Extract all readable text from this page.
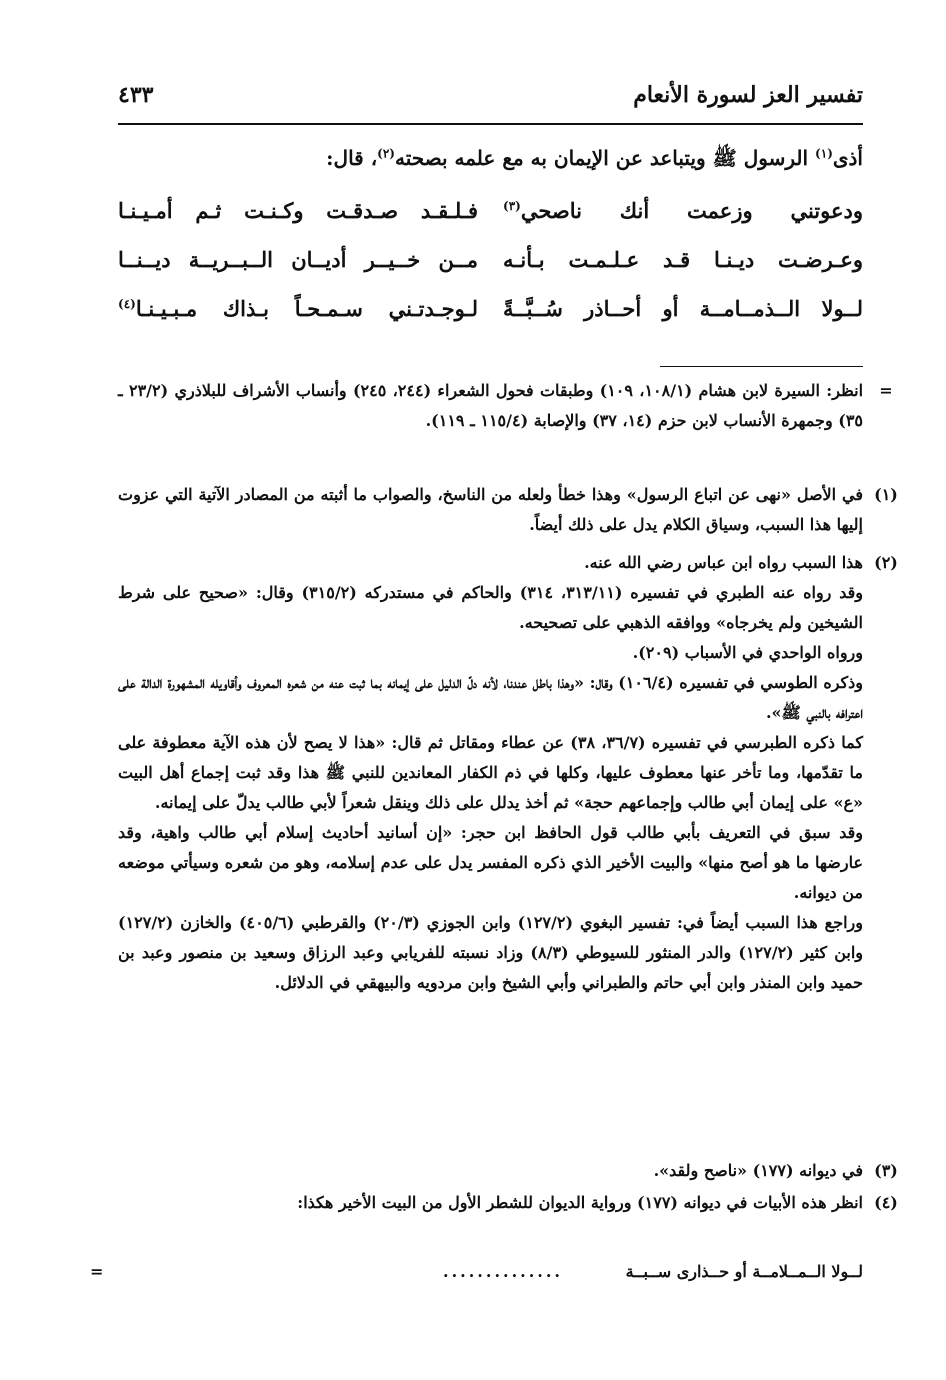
تفسير العز لسورة الأنعام
٤٣٣
أذى$^{(١)}$ الرسول ﷺ ويتباعد عن الإيمان به مع علمه بصحته$^{(٢)}$، قال:
ودعوتني وزعمت أنك ناصحي$^{(٣)}$
فـلـقـد صـدقـت وكـنـت ثـم أمـيـنـا
وعـرضـت ديـنـا قـد عـلـمـت بـأنـه
مــن خــيــر أديــان الــبــريــة ديــنــا
لــولا الــذمــامــة أو أحــاذر سُــبَّــةً
لـوجـدتـني سـمـحـاً بـذاك مـبـيـنـا$^{(٤)}$
=

انظر: السيرة لابن هشام (١٠٨/١، ١٠٩) وطبقات فحول الشعراء (٢٤٤، ٢٤٥) وأنساب الأشراف للبلاذري (٢٣/٢ ـ ٣٥) وجمهرة الأنساب لابن حزم (١٤، ٣٧) والإصابة (١١٥/٤ ـ ١١٩).

(١)

في الأصل «نهى عن اتباع الرسول» وهذا خطأ ولعله من الناسخ، والصواب ما أثبته من المصادر الآتية التي عزوت إليها هذا السبب، وسياق الكلام يدل على ذلك أيضاً.

(٢)

هذا السبب رواه ابن عباس رضي الله عنه.

وقد رواه عنه الطبري في تفسيره (٣١٣/١١، ٣١٤) والحاكم في مستدركه (٣١٥/٢) وقال: «صحيح على شرط الشيخين ولم يخرجاه» ووافقه الذهبي على تصحيحه.

ورواه الواحدي في الأسباب (٢٠٩).

وذكره الطوسي في تفسيره (١٠٦/٤) وقال: «وهذا باطل عندنا، لأنه دلّ الدليل على إيمانه بما ثبت عنه من شعره المعروف وأقاويله المشهورة الدالة على اعترافه بالنبي ﷺ».

كما ذكره الطبرسي في تفسيره (٣٦/٧، ٣٨) عن عطاء ومقاتل ثم قال: «هذا لا يصح لأن هذه الآية معطوفة على ما تقدّمها، وما تأخر عنها معطوف عليها، وكلها في ذم الكفار المعاندين للنبي ﷺ هذا وقد ثبت إجماع أهل البيت «ع» على إيمان أبي طالب وإجماعهم حجة» ثم أخذ يدلل على ذلك وينقل شعراً لأبي طالب يدلّ على إيمانه.

وقد سبق في التعريف بأبي طالب قول الحافظ ابن حجر: «إن أسانيد أحاديث إسلام أبي طالب واهية، وقد عارضها ما هو أصح منها» والبيت الأخير الذي ذكره المفسر يدل على عدم إسلامه، وهو من شعره وسيأتي موضعه من ديوانه.

وراجع هذا السبب أيضاً في: تفسير البغوي (١٢٧/٢) وابن الجوزي (٢٠/٣) والقرطبي (٤٠٥/٦) والخازن (١٢٧/٢) وابن كثير (١٢٧/٢) والدر المنثور للسيوطي (٨/٣) وزاد نسبته للفريابي وعبد الرزاق وسعيد بن منصور وعبد بن حميد وابن المنذر وابن أبي حاتم والطبراني وأبي الشيخ وابن مردويه والبيهقي في الدلائل.

(٣)

في ديوانه (١٧٧) «ناصح ولقد».

(٤)

انظر هذه الأبيات في ديوانه (١٧٧) ورواية الديوان للشطر الأول من البيت الأخير هكذا:

لــولا الــمــلامــة أو حــذارى ســبــة
..............
=
